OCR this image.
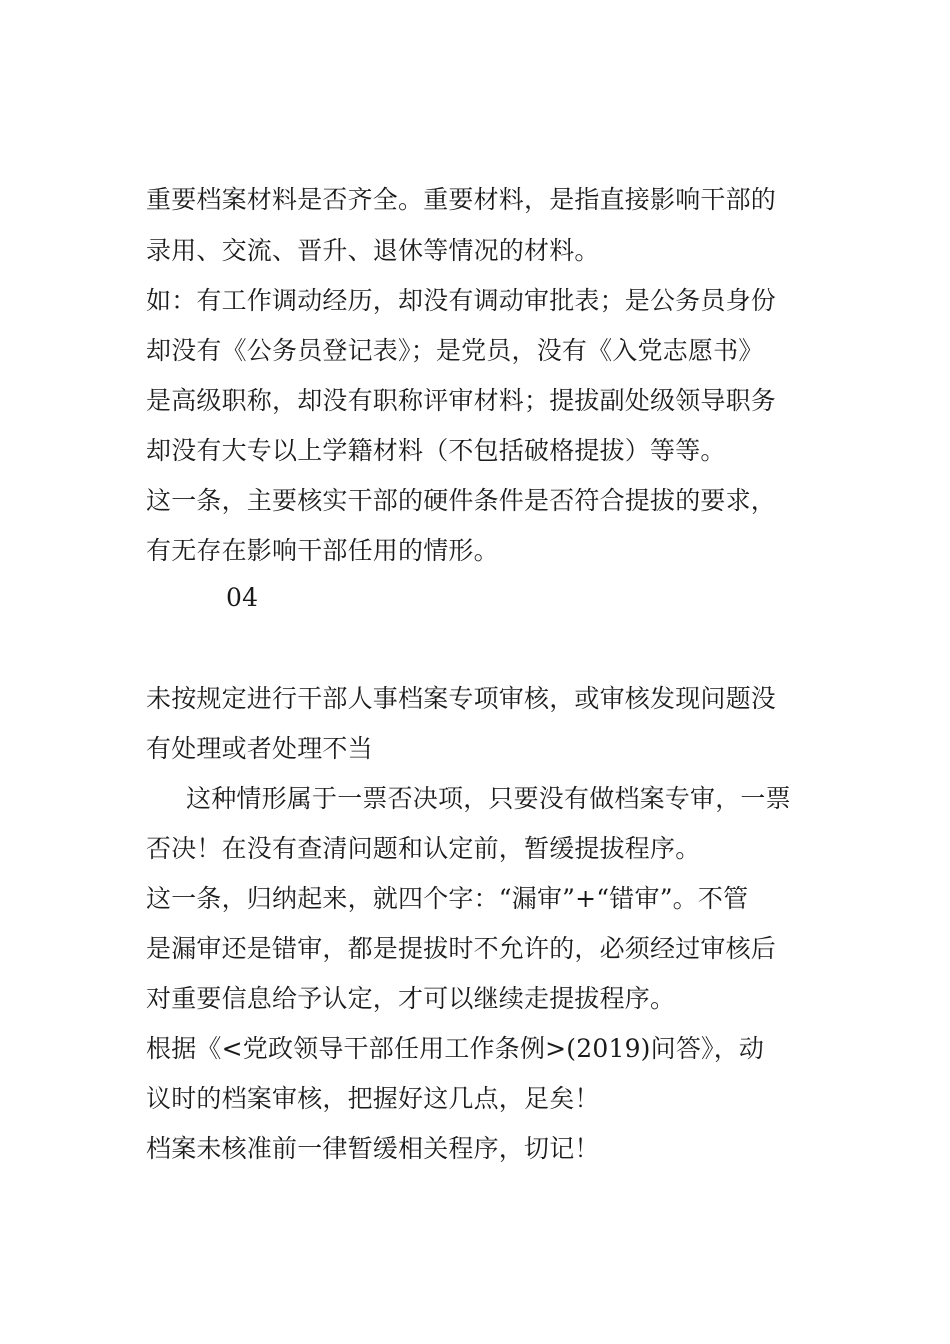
重要档案材料是否齐全。重要材料，是指直接影响干部的
录用、交流、晋升、退休等情况的材料。
如：有工作调动经历，却没有调动审批表；是公务员身份
却没有《公务员登记表》；是党员，没有《入党志愿书》
是高级职称，却没有职称评审材料；提拔副处级领导职务
却没有大专以上学籍材料（不包括破格提拔）等等。
这一条，主要核实干部的硬件条件是否符合提拔的要求，
有无存在影响干部任用的情形。
04
未按规定进行干部人事档案专项审核，或审核发现问题没
有处理或者处理不当
这种情形属于一票否决项，只要没有做档案专审，一票
否决！在没有查清问题和认定前，暂缓提拔程序。
这一条，归纳起来，就四个字：“漏审”+“错审”。不管
是漏审还是错审，都是提拔时不允许的，必须经过审核后
对重要信息给予认定，才可以继续走提拔程序。
根据《<党政领导干部任用工作条例>(2019)问答》，动
议时的档案审核，把握好这几点，足矣！
档案未核准前一律暂缓相关程序，切记！
